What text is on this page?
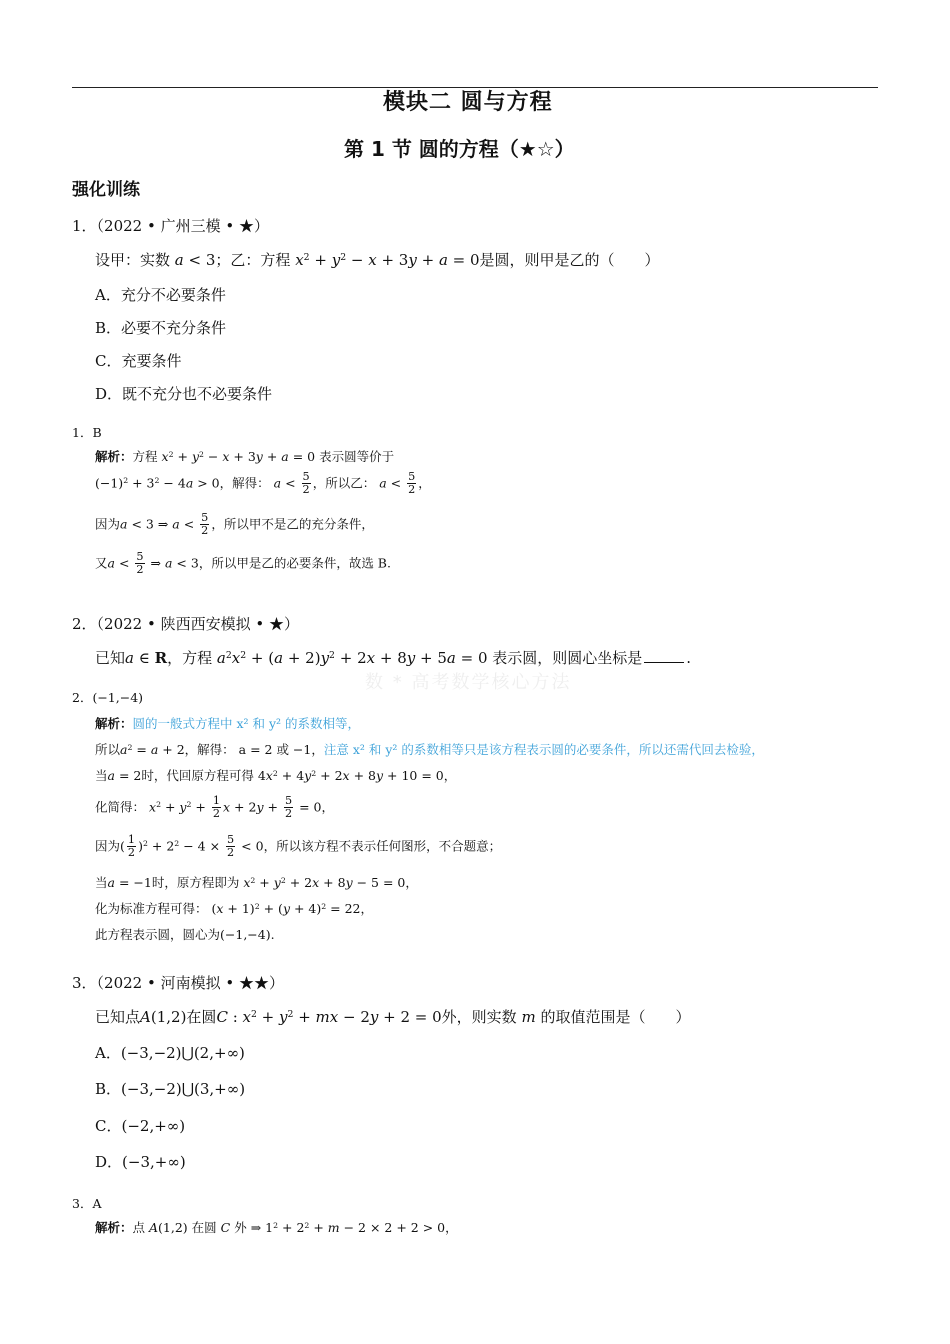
模块二 圆与方程
第 1 节 圆的方程（★☆）
强化训练
1．（2022 • 广州三模 • ★）
设甲：实数 a < 3；乙：方程 $x^2 + y^2 - x + 3y + a = 0$是圆，则甲是乙的（　　）
A．充分不必要条件
B．必要不充分条件
C．充要条件
D．既不充分也不必要条件
1．B
解析：方程 $x^2 + y^2 - x + 3y + a = 0$ 表示圆等价于
$(-1)^2 + 3^2 - 4a > 0$，解得： $a < \frac{5}{2}$ ，所以乙： $a < \frac{5}{2}$ ，
因为a < 3 ⇒ $a < \frac{5}{2}$ ，所以甲不是乙的充分条件，
又$a < \frac{5}{2}$ ⇒ a < 3，所以甲是乙的必要条件，故选 B.
2．（2022 • 陕西西安模拟 • ★）
已知a ∈ R，方程 $a^2x^2 + (a + 2)y^2 + 2x + 8y + 5a = 0$ 表示圆，则圆心坐标是	.
数 * 高考数学核心方法
2．(−1,−4)
解析：圆的一般式方程中 x² 和 y² 的系数相等，
所以$a^2 = a + 2$，解得： a = 2 或 −1，注意 x² 和 y² 的系数相等只是该方程表示圆的必要条件，所以还需代回去检验，
当a = 2时，代回原方程可得 $4x^2 + 4y^2 + 2x + 8y + 10 = 0$，
化简得： $x^2 + y^2 + \frac{1}{2}$ $x + 2y + \frac{5}{2} = 0$，
因为( $\frac{1}{2} )^2 + 2^2 - 4 \times \frac{5}{2} < 0$，所以该方程不表示任何图形，不合题意；
当a = −1时，原方程即为 $x^2 + y^2 + 2x + 8y - 5 = 0$，
化为标准方程可得： $(x + 1)^2 + (y + 4)^2 = 22$，
此方程表示圆，圆心为(−1,−4).
3．（2022 • 河南模拟 • ★★）
已知点A(1,2)在圆C : $x^2 + y^2$ + mx − 2y + 2 = 0外，则实数 m 的取值范围是（　　）
A．(−3,−2)⋃(2,+∞)
B．(−3,−2)⋃(3,+∞)
C．(−2,+∞)
D．(−3,+∞)
3．A
解析：点 A(1,2) 在圆 C 外 ⇒ $1^2 + 2^2 + m - 2 \times 2 + 2 > 0$，
